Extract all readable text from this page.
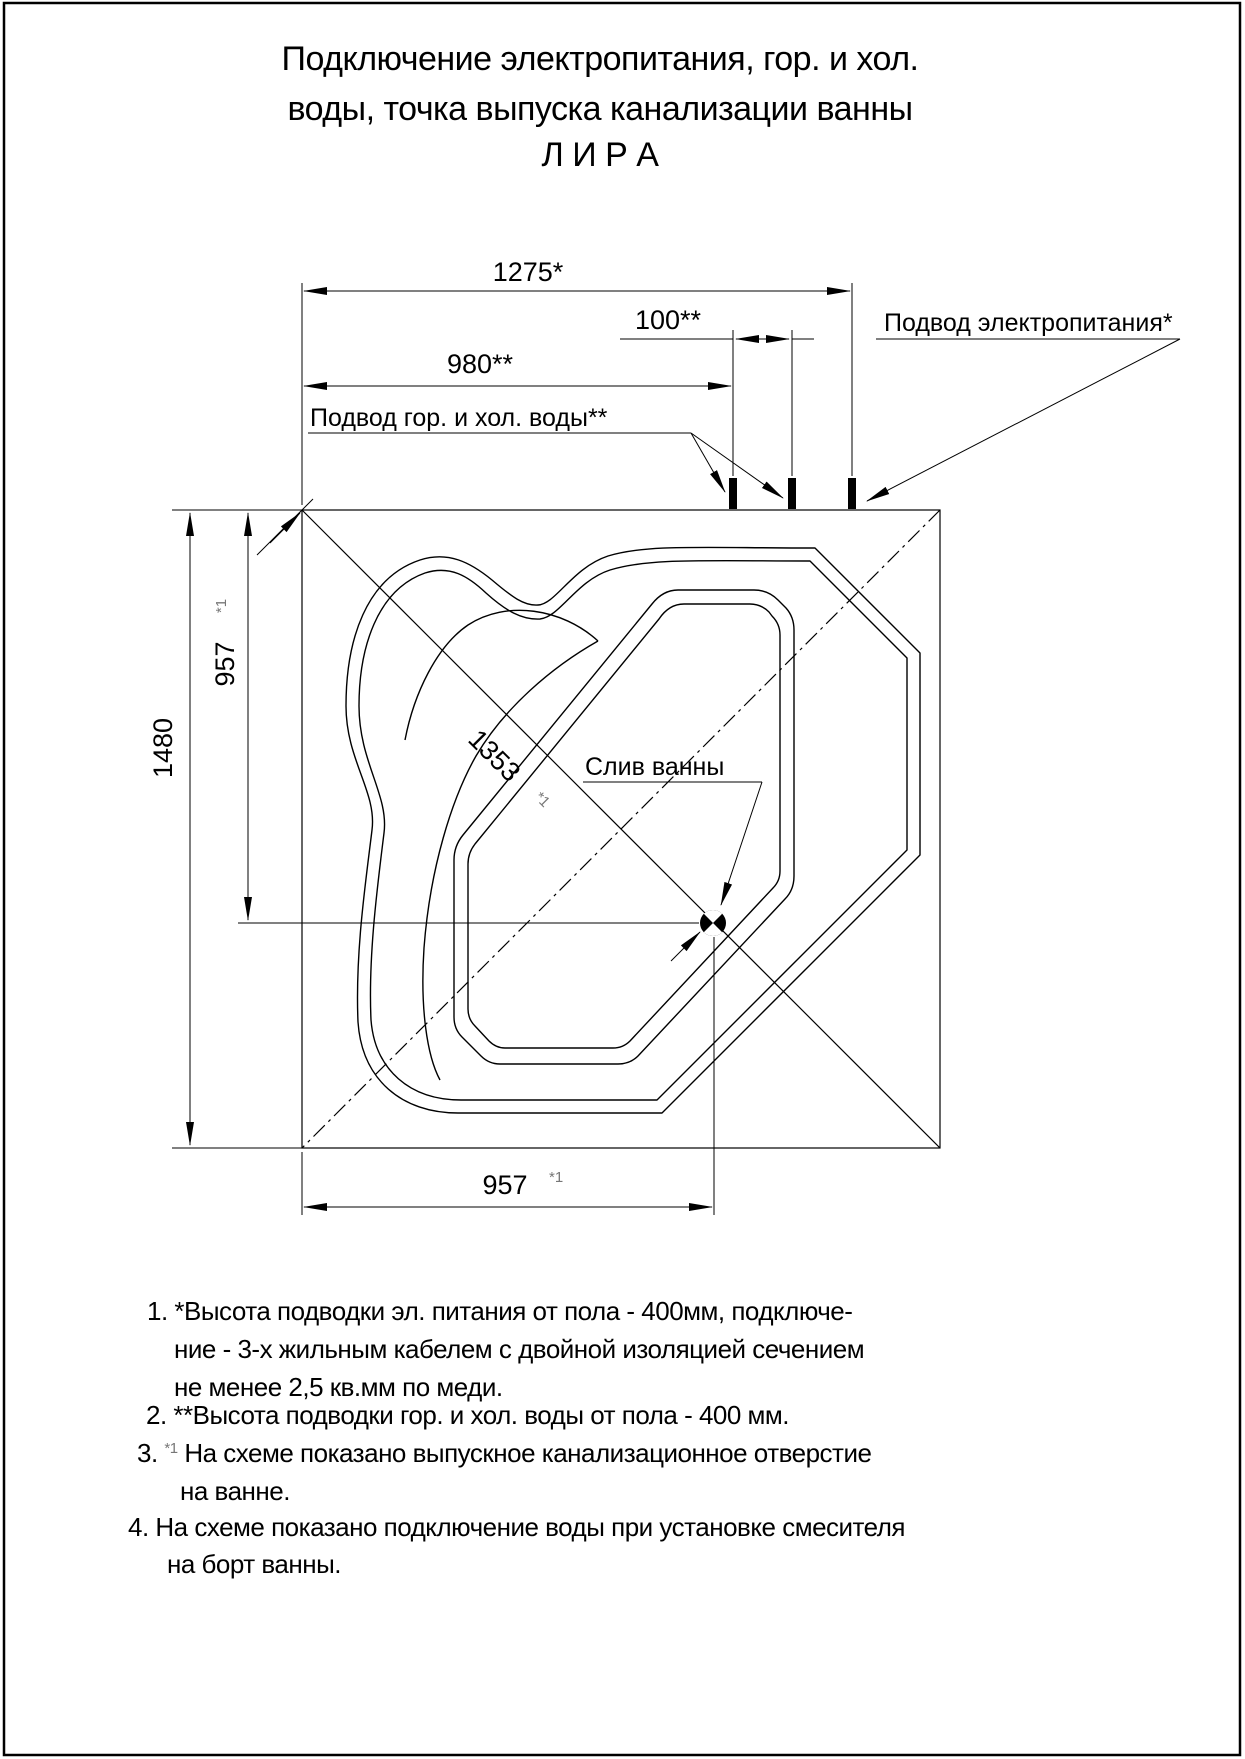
Подключение электропитания, гор. и хол.
воды, точка выпуска канализации ванны
Л И Р А
1275*
100**
980**
1480
957
*1
1353
*1
957 *1
Подвод электропитания*
Подвод гор. и хол. воды**
Слив ванны
1. *Высота подводки эл. питания от пола - 400мм, подключе-
ние - 3-х жильным кабелем с двойной изоляцией сечением
не менее 2,5 кв.мм по меди.
2. **Высота подводки гор. и хол. воды от пола - 400 мм.
3. $^{*1}$ На схеме показано выпускное канализационное отверстие
на ванне.
4. На схеме показано подключение воды при установке смесителя
на борт ванны.
